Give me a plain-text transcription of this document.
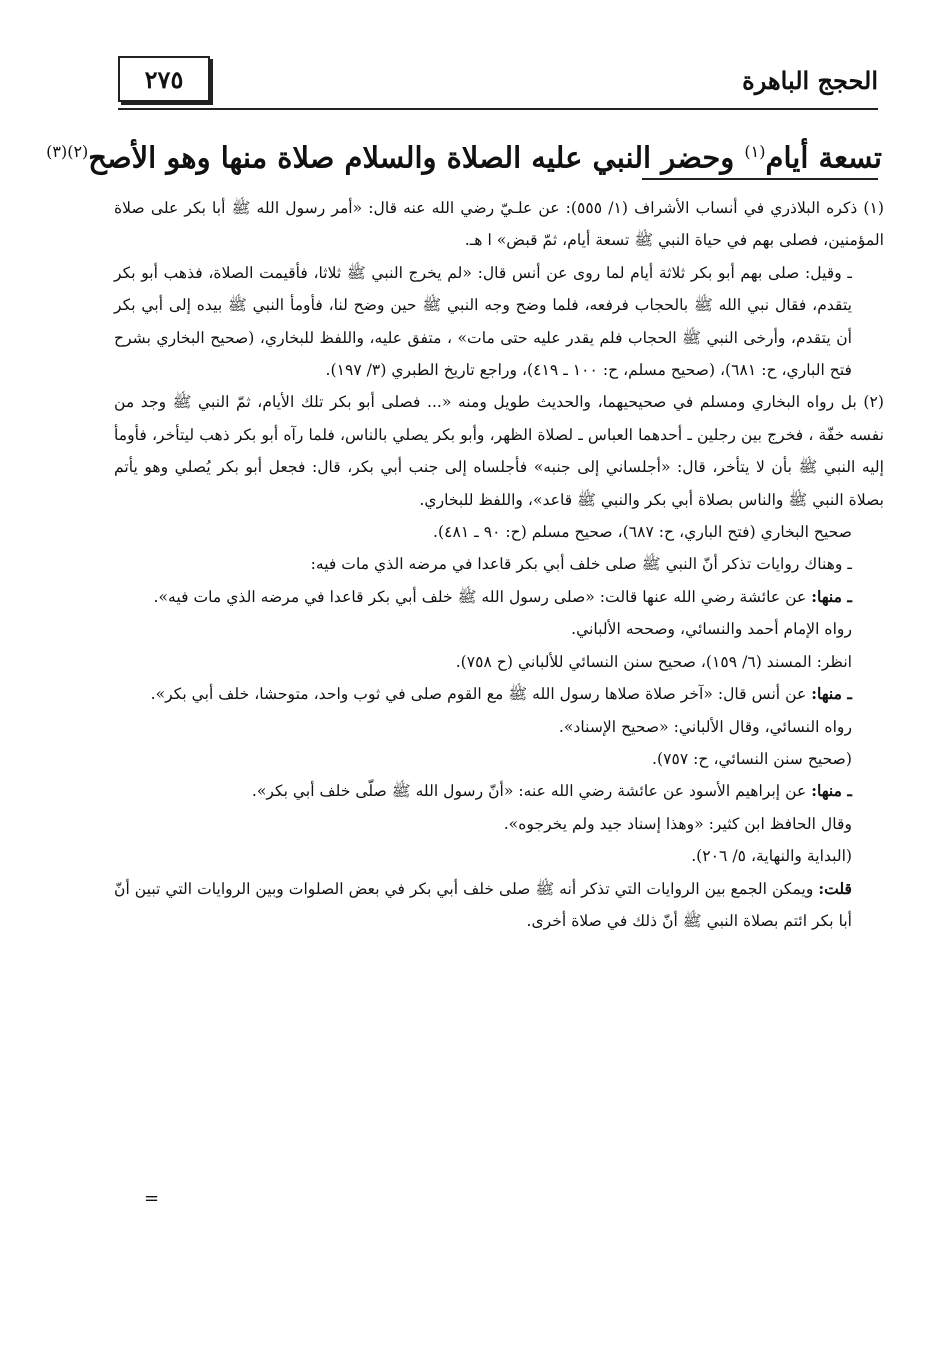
٢٧٥	الحجج الباهرة
تسعة أيام$^{(١)}$ وحضر النبي عليه الصلاة والسلام صلاة منها وهو الأصح$^{(٢)(٣)}$

(١) ذكره البلاذري في أنساب الأشراف (١/ ٥٥٥): عن علـيّ رضي الله عنه قال: «أمر رسول الله ﷺ أبا بكر على صلاة المؤمنين، فصلى بهم في حياة النبي ﷺ تسعة أيام، ثمّ قبض» ا هـ.

ـ وقيل: صلى بهم أبو بكر ثلاثة أيام لما روى عن أنس قال: «لم يخرج النبي ﷺ ثلاثا، فأقيمت الصلاة، فذهب أبو بكر يتقدم، فقال نبي الله ﷺ بالحجاب فرفعه، فلما وضح وجه النبي ﷺ حين وضح لنا، فأومأ النبي ﷺ بيده إلى أبي بكر أن يتقدم، وأرخى النبي ﷺ الحجاب فلم يقدر عليه حتى مات» ، متفق عليه، واللفظ للبخاري، (صحيح البخاري بشرح فتح الباري، ح: ٦٨١)، (صحيح مسلم، ح: ١٠٠ ـ ٤١٩)، وراجع تاريخ الطبري (٣/ ١٩٧).

(٢) بل رواه البخاري ومسلم في صحيحيهما، والحديث طويل ومنه «... فصلى أبو بكر تلك الأيام، ثمّ النبي ﷺ وجد من نفسه خفّة ، فخرج بين رجلين ـ أحدهما العباس ـ لصلاة الظهر، وأبو بكر يصلي بالناس، فلما رآه أبو بكر ذهب ليتأخر، فأومأ إليه النبي ﷺ بأن لا يتأخر، قال: «أجلساني إلى جنبه» فأجلساه إلى جنب أبي بكر، قال: فجعل أبو بكر يُصلي وهو يأتم بصلاة النبي ﷺ والناس بصلاة أبي بكر والنبي ﷺ قاعد»، واللفظ للبخاري.

صحيح البخاري (فتح الباري، ح: ٦٨٧)، صحيح مسلم (ح: ٩٠ ـ ٤٨١).

ـ وهناك روايات تذكر أنّ النبي ﷺ صلى خلف أبي بكر قاعدا في مرضه الذي مات فيه:

ـ منها: عن عائشة رضي الله عنها قالت: «صلى رسول الله ﷺ خلف أبي بكر قاعدا في مرضه الذي مات فيه».

رواه الإمام أحمد والنسائي، وصححه الألباني.

انظر: المسند (٦/ ١٥٩)، صحيح سنن النسائي للألباني (ح ٧٥٨).

ـ منها: عن أنس قال: «آخر صلاة صلاها رسول الله ﷺ مع القوم صلى في ثوب واحد، متوحشا، خلف أبي بكر».

رواه النسائي، وقال الألباني: «صحيح الإسناد».

(صحيح سنن النسائي، ح: ٧٥٧).

ـ منها: عن إبراهيم الأسود عن عائشة رضي الله عنه: «أنّ رسول الله ﷺ صلّى خلف أبي بكر».

وقال الحافظ ابن كثير: «وهذا إسناد جيد ولم يخرجوه».

(البداية والنهاية، ٥/ ٢٠٦).

قلت: ويمكن الجمع بين الروايات التي تذكر أنه ﷺ صلى خلف أبي بكر في بعض الصلوات وبين الروايات التي تبين أنّ أبا بكر ائتم بصلاة النبي ﷺ أنّ ذلك في صلاة أخرى.

=
